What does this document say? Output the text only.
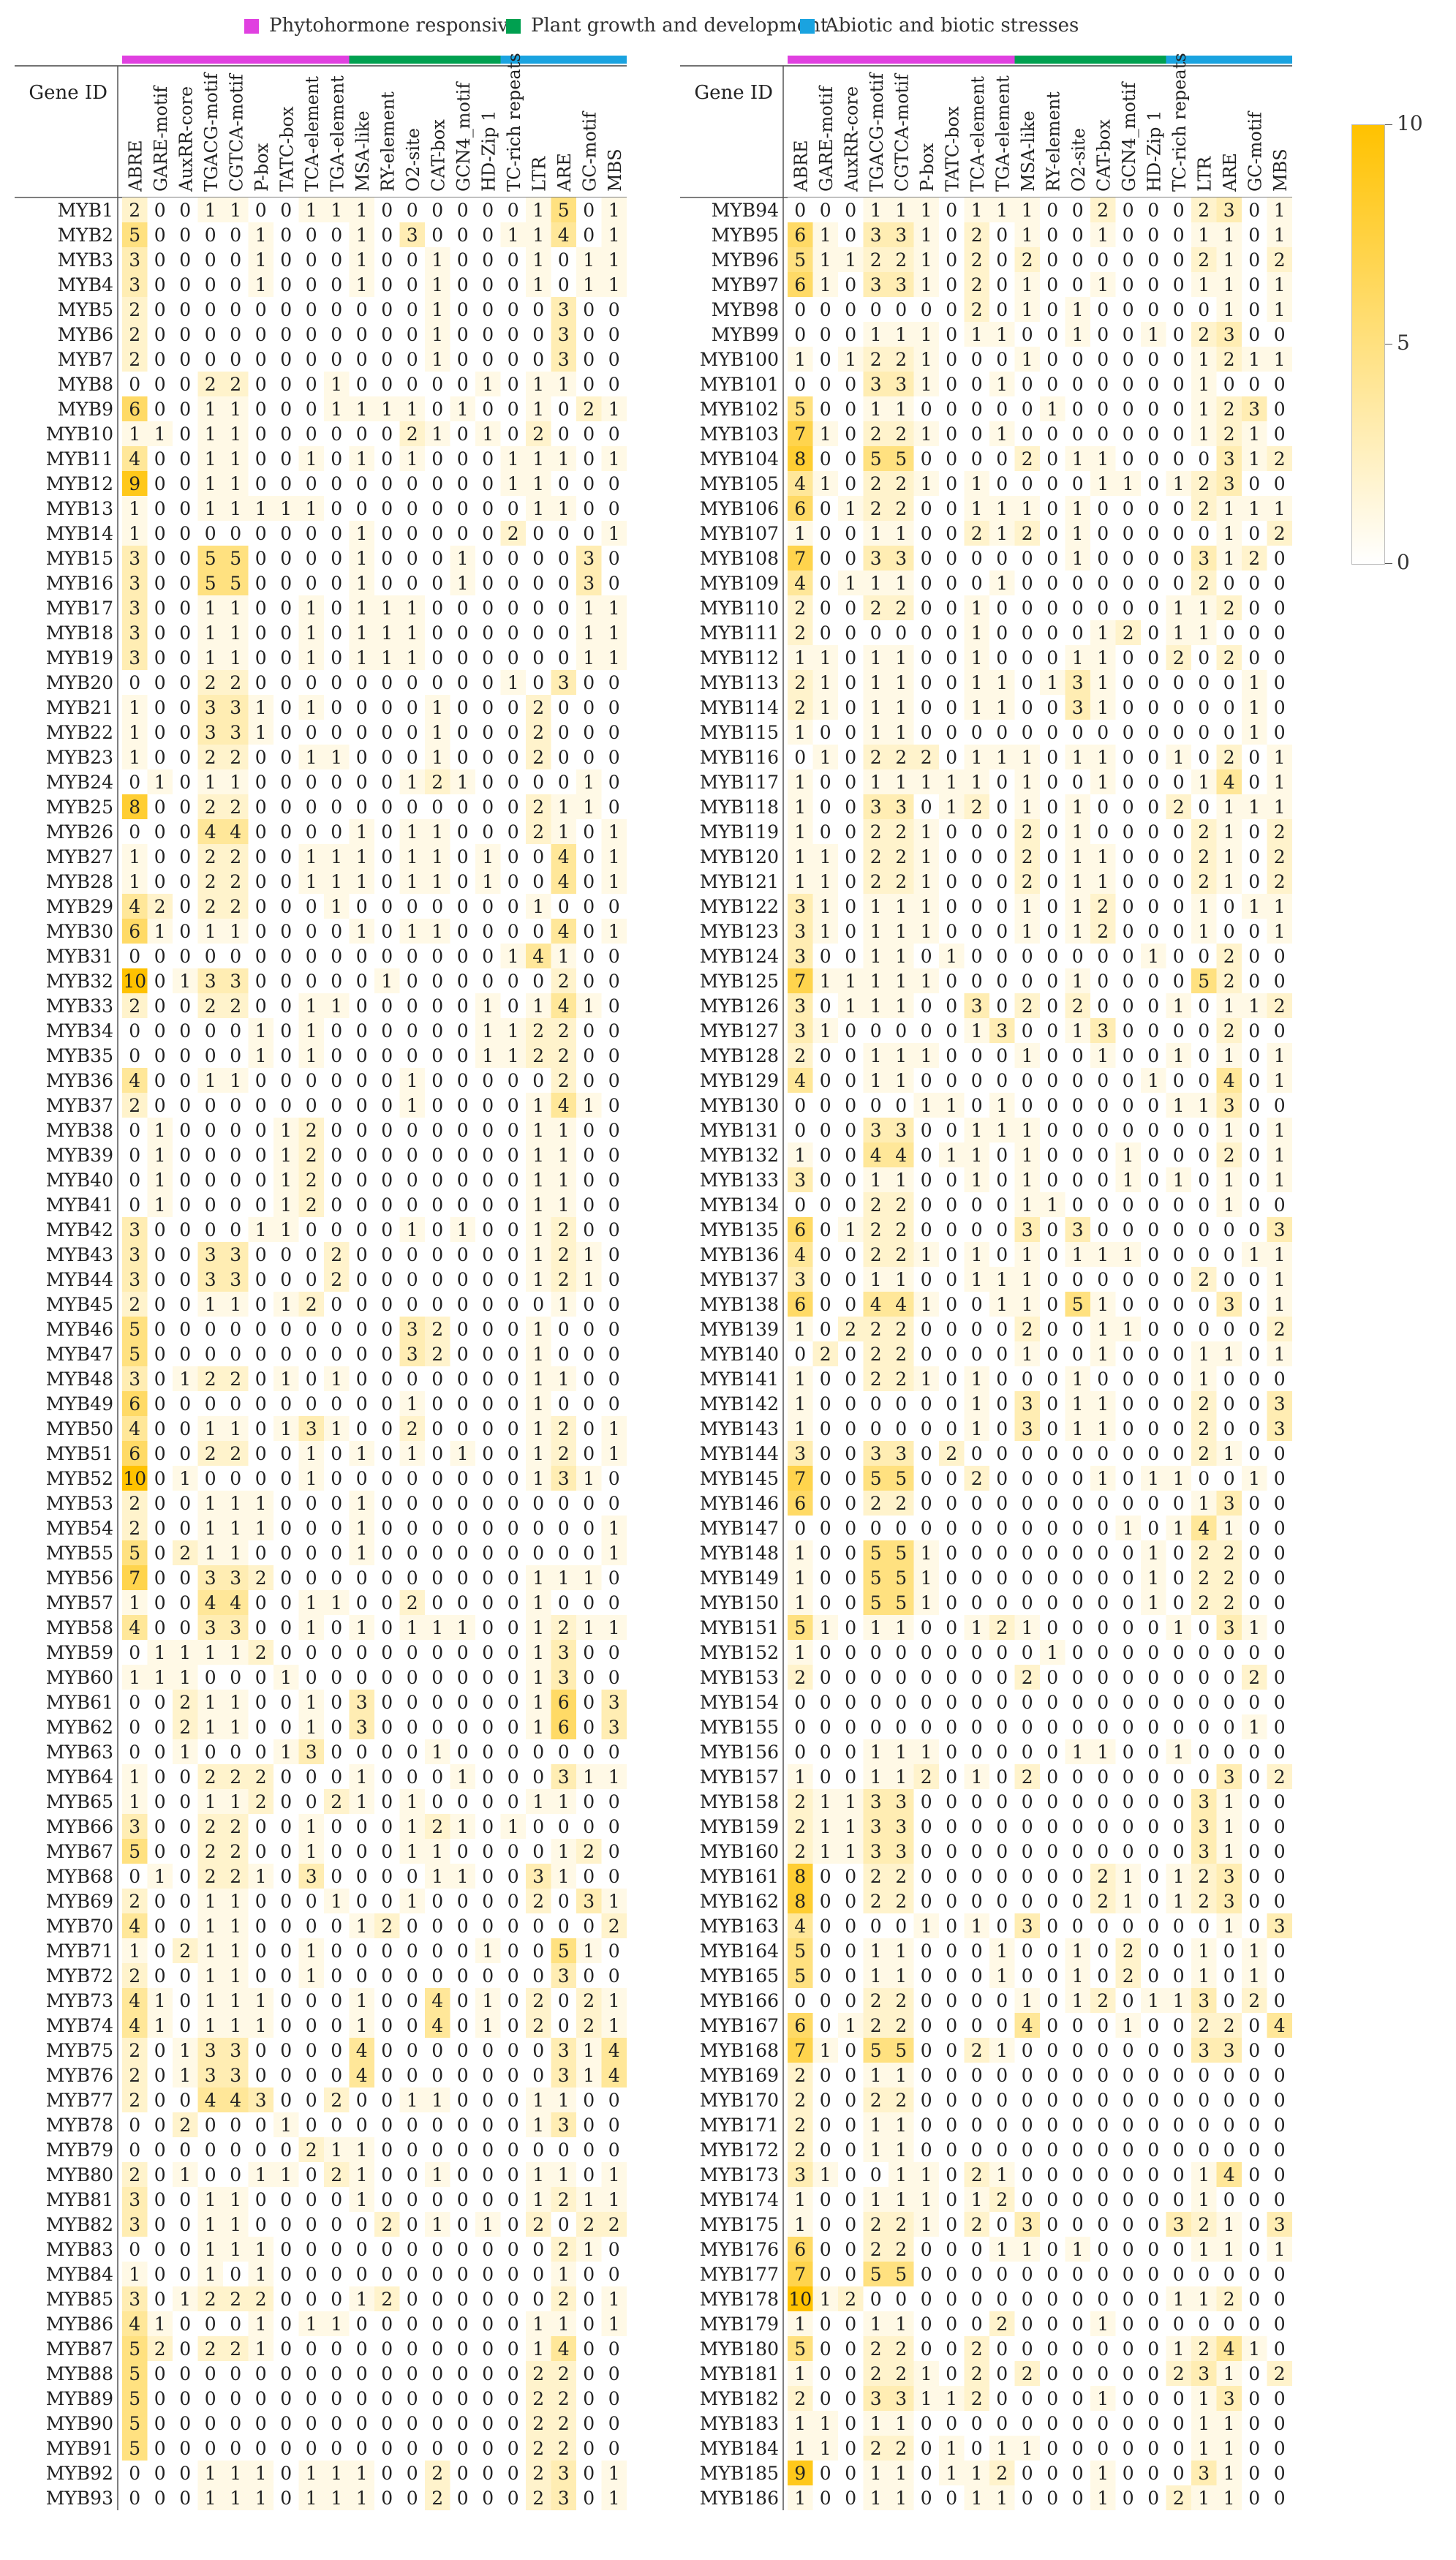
Phytohormone responsive Plant growth and development
Abiotic and biotic stresses
Gene ID
ABRE GARE-motif AuxRR-core TGACG-motif CGTCA-motif P-box TATC-box TCA-element TGA-element MSA-like RY-element O2-site CAT-box GCN4_motif HD-Zip 1 TC-rich repeats LTR ARE GC-motif MBS
MYB1 2 0 0 1 1 0 0 1 1 1 0 0 0 0 0 0 1 5 0 1
MYB2 5 0 0 0 0 1 0 0 0 1 0 3 0 0 0 1 1 4 0 1
MYB3 3 0 0 0 0 1 0 0 0 1 0 0 1 0 0 0 1 0 1 1
MYB4 3 0 0 0 0 1 0 0 0 1 0 0 1 0 0 0 1 0 1 1
MYB5 2 0 0 0 0 0 0 0 0 0 0 0 1 0 0 0 0 3 0 0
MYB6 2 0 0 0 0 0 0 0 0 0 0 0 1 0 0 0 0 3 0 0
MYB7 2 0 0 0 0 0 0 0 0 0 0 0 1 0 0 0 0 3 0 0
MYB8 0 0 0 2 2 0 0 0 1 0 0 0 0 0 1 0 1 1 0 0
MYB9 6 0 0 1 1 0 0 0 1 1 1 1 0 1 0 0 1 0 2 1
MYB10 1 1 0 1 1 0 0 0 0 0 0 2 1 0 1 0 2 0 0 0
MYB11 4 0 0 1 1 0 0 1 0 1 0 1 0 0 0 1 1 1 0 1
MYB12 9 0 0 1 1 0 0 0 0 0 0 0 0 0 0 1 1 0 0 0
MYB13 1 0 0 1 1 1 1 1 0 0 0 0 0 0 0 0 1 1 0 0
MYB14 1 0 0 0 0 0 0 0 0 1 0 0 0 0 0 2 0 0 0 1
MYB15 3 0 0 5 5 0 0 0 0 1 0 0 0 1 0 0 0 0 3 0
MYB16 3 0 0 5 5 0 0 0 0 1 0 0 0 1 0 0 0 0 3 0
MYB17 3 0 0 1 1 0 0 1 0 1 1 1 0 0 0 0 0 0 1 1
MYB18 3 0 0 1 1 0 0 1 0 1 1 1 0 0 0 0 0 0 1 1
MYB19 3 0 0 1 1 0 0 1 0 1 1 1 0 0 0 0 0 0 1 1
MYB20 0 0 0 2 2 0 0 0 0 0 0 0 0 0 0 1 0 3 0 0
MYB21 1 0 0 3 3 1 0 1 0 0 0 0 1 0 0 0 2 0 0 0
MYB22 1 0 0 3 3 1 0 0 0 0 0 0 1 0 0 0 2 0 0 0
MYB23 1 0 0 2 2 0 0 1 1 0 0 0 1 0 0 0 2 0 0 0
MYB24 0 1 0 1 1 0 0 0 0 0 0 1 2 1 0 0 0 0 1 0
MYB25 8 0 0 2 2 0 0 0 0 0 0 0 0 0 0 0 2 1 1 0
MYB26 0 0 0 4 4 0 0 0 0 1 0 1 1 0 0 0 2 1 0 1
MYB27 1 0 0 2 2 0 0 1 1 1 0 1 1 0 1 0 0 4 0 1
MYB28 1 0 0 2 2 0 0 1 1 1 0 1 1 0 1 0 0 4 0 1
MYB29 4 2 0 2 2 0 0 0 1 0 0 0 0 0 0 0 1 0 0 0
MYB30 6 1 0 1 1 0 0 0 0 1 0 1 1 0 0 0 0 4 0 1
MYB31 0 0 0 0 0 0 0 0 0 0 0 0 0 0 0 1 4 1 0 0
MYB32 10 0 1 3 3 0 0 0 0 0 1 0 0 0 0 0 0 2 0 0
MYB33 2 0 0 2 2 0 0 1 1 0 0 0 0 0 1 0 1 4 1 0
MYB34 0 0 0 0 0 1 0 1 0 0 0 0 0 0 1 1 2 2 0 0
MYB35 0 0 0 0 0 1 0 1 0 0 0 0 0 0 1 1 2 2 0 0
MYB36 4 0 0 1 1 0 0 0 0 0 0 1 0 0 0 0 0 2 0 0
MYB37 2 0 0 0 0 0 0 0 0 0 0 1 0 0 0 0 1 4 1 0
MYB38 0 1 0 0 0 0 1 2 0 0 0 0 0 0 0 0 1 1 0 0
MYB39 0 1 0 0 0 0 1 2 0 0 0 0 0 0 0 0 1 1 0 0
MYB40 0 1 0 0 0 0 1 2 0 0 0 0 0 0 0 0 1 1 0 0
MYB41 0 1 0 0 0 0 1 2 0 0 0 0 0 0 0 0 1 1 0 0
MYB42 3 0 0 0 0 1 1 0 0 0 0 1 0 1 0 0 1 2 0 0
MYB43 3 0 0 3 3 0 0 0 2 0 0 0 0 0 0 0 1 2 1 0
MYB44 3 0 0 3 3 0 0 0 2 0 0 0 0 0 0 0 1 2 1 0
MYB45 2 0 0 1 1 0 1 2 0 0 0 0 0 0 0 0 0 1 0 0
MYB46 5 0 0 0 0 0 0 0 0 0 0 3 2 0 0 0 1 0 0 0
MYB47 5 0 0 0 0 0 0 0 0 0 0 3 2 0 0 0 1 0 0 0
MYB48 3 0 1 2 2 0 1 0 1 0 0 0 0 0 0 0 1 1 0 0
MYB49 6 0 0 0 0 0 0 0 0 0 0 1 0 0 0 0 1 0 0 0
MYB50 4 0 0 1 1 0 1 3 1 0 0 2 0 0 0 0 1 2 0 1
MYB51 6 0 0 2 2 0 0 1 0 1 0 1 0 1 0 0 1 2 0 1
MYB52 10 0 1 0 0 0 0 1 0 0 0 0 0 0 0 0 1 3 1 0
MYB53 2 0 0 1 1 1 0 0 0 1 0 0 0 0 0 0 0 0 0 0
MYB54 2 0 0 1 1 1 0 0 0 1 0 0 0 0 0 0 0 0 0 1
MYB55 5 0 2 1 1 0 0 0 0 1 0 0 0 0 0 0 0 0 0 1
MYB56 7 0 0 3 3 2 0 0 0 0 0 0 0 0 0 0 1 1 1 0
MYB57 1 0 0 4 4 0 0 1 1 0 0 2 0 0 0 0 1 0 0 0
MYB58 4 0 0 3 3 0 0 1 0 1 0 1 1 1 0 0 1 2 1 1
MYB59 0 1 1 1 1 2 0 0 0 0 0 0 0 0 0 0 1 3 0 0
MYB60 1 1 1 0 0 0 1 0 0 0 0 0 0 0 0 0 1 3 0 0
MYB61 0 0 2 1 1 0 0 1 0 3 0 0 0 0 0 0 1 6 0 3
MYB62 0 0 2 1 1 0 0 1 0 3 0 0 0 0 0 0 1 6 0 3
MYB63 0 0 1 0 0 0 1 3 0 0 0 0 1 0 0 0 0 0 0 0
MYB64 1 0 0 2 2 2 0 0 0 1 0 0 0 1 0 0 0 3 1 1
MYB65 1 0 0 1 1 2 0 0 2 1 0 1 0 0 0 0 1 1 0 0
MYB66 3 0 0 2 2 0 0 1 0 0 0 1 2 1 0 1 0 0 0 0
MYB67 5 0 0 2 2 0 0 1 0 0 0 1 1 0 0 0 0 1 2 0
MYB68 0 1 0 2 2 1 0 3 0 0 0 0 1 1 0 0 3 1 0 0
MYB69 2 0 0 1 1 0 0 0 1 0 0 1 0 0 0 0 2 0 3 1
MYB70 4 0 0 1 1 0 0 0 0 1 2 0 0 0 0 0 0 0 0 2
MYB71 1 0 2 1 1 0 0 1 0 0 0 0 0 0 1 0 0 5 1 0
MYB72 2 0 0 1 1 0 0 1 0 0 0 0 0 0 0 0 0 3 0 0
MYB73 4 1 0 1 1 1 0 0 0 1 0 0 4 0 1 0 2 0 2 1
MYB74 4 1 0 1 1 1 0 0 0 1 0 0 4 0 1 0 2 0 2 1
MYB75 2 0 1 3 3 0 0 0 0 4 0 0 0 0 0 0 0 3 1 4
MYB76 2 0 1 3 3 0 0 0 0 4 0 0 0 0 0 0 0 3 1 4
MYB77 2 0 0 4 4 3 0 0 2 0 0 1 1 0 0 0 1 1 0 0
MYB78 0 0 2 0 0 0 1 0 0 0 0 0 0 0 0 0 1 3 0 0
MYB79 0 0 0 0 0 0 0 2 1 1 0 0 0 0 0 0 0 0 0 0
MYB80 2 0 1 0 0 1 1 0 2 1 0 0 1 0 0 0 1 1 0 1
MYB81 3 0 0 1 1 0 0 0 0 1 0 0 0 0 0 0 1 2 1 1
MYB82 3 0 0 1 1 0 0 0 0 0 2 0 1 0 1 0 2 0 2 2
MYB83 0 0 0 1 1 1 0 0 0 0 0 0 0 0 0 0 0 2 1 0
MYB84 1 0 0 1 0 1 0 0 0 0 0 0 0 0 0 0 0 1 0 0
MYB85 3 0 1 2 2 2 0 0 0 1 2 0 0 0 0 0 0 2 0 1
MYB86 4 1 0 0 0 1 0 1 1 0 0 0 0 0 0 0 1 1 0 1
MYB87 5 2 0 2 2 1 0 0 0 0 0 0 0 0 0 0 1 4 0 0
MYB88 5 0 0 0 0 0 0 0 0 0 0 0 0 0 0 0 2 2 0 0
MYB89 5 0 0 0 0 0 0 0 0 0 0 0 0 0 0 0 2 2 0 0
MYB90 5 0 0 0 0 0 0 0 0 0 0 0 0 0 0 0 2 2 0 0
MYB91 5 0 0 0 0 0 0 0 0 0 0 0 0 0 0 0 2 2 0 0
MYB92 0 0 0 1 1 1 0 1 1 1 0 0 2 0 0 0 2 3 0 1
MYB93 0 0 0 1 1 1 0 1 1 1 0 0 2 0 0 0 2 3 0 1
Gene ID
ABRE GARE-motif AuxRR-core TGACG-motif CGTCA-motif P-box TATC-box TCA-element TGA-element MSA-like RY-element O2-site CAT-box GCN4_motif HD-Zip 1 TC-rich repeats LTR ARE GC-motif MBS
MYB94 0 0 0 1 1 1 0 1 1 1 0 0 2 0 0 0 2 3 0 1
MYB95 6 1 0 3 3 1 0 2 0 1 0 0 1 0 0 0 1 1 0 1
MYB96 5 1 1 2 2 1 0 2 0 2 0 0 0 0 0 0 2 1 0 2
MYB97 6 1 0 3 3 1 0 2 0 1 0 0 1 0 0 0 1 1 0 1
MYB98 0 0 0 0 0 0 0 2 0 1 0 1 0 0 0 0 0 1 0 1
MYB99 0 0 0 1 1 1 0 1 1 0 0 1 0 0 1 0 2 3 0 0
MYB100 1 0 1 2 2 1 0 0 0 1 0 0 0 0 0 0 1 2 1 1
MYB101 0 0 0 3 3 1 0 0 1 0 0 0 0 0 0 0 1 0 0 0
MYB102 5 0 0 1 1 0 0 0 0 0 1 0 0 0 0 0 1 2 3 0
MYB103 7 1 0 2 2 1 0 0 1 0 0 0 0 0 0 0 1 2 1 0
MYB104 8 0 0 5 5 0 0 0 0 2 0 1 1 0 0 0 0 3 1 2
MYB105 4 1 0 2 2 1 0 1 0 0 0 0 1 1 0 1 2 3 0 0
MYB106 6 0 1 2 2 0 0 1 1 1 0 1 0 0 0 0 2 1 1 1
MYB107 1 0 0 1 1 0 0 2 1 2 0 1 0 0 0 0 0 1 0 2
MYB108 7 0 0 3 3 0 0 0 0 0 0 1 0 0 0 0 3 1 2 0
MYB109 4 0 1 1 1 0 0 0 1 0 0 0 0 0 0 0 2 0 0 0
MYB110 2 0 0 2 2 0 0 1 0 0 0 0 0 0 0 1 1 2 0 0
MYB111 2 0 0 0 0 0 0 1 0 0 0 0 1 2 0 1 1 0 0 0
MYB112 1 1 0 1 1 0 0 1 0 0 0 1 1 0 0 2 0 2 0 0
MYB113 2 1 0 1 1 0 0 1 1 0 1 3 1 0 0 0 0 0 1 0
MYB114 2 1 0 1 1 0 0 1 1 0 0 3 1 0 0 0 0 0 1 0
MYB115 1 0 0 1 1 0 0 0 0 0 0 0 0 0 0 0 0 0 1 0
MYB116 0 1 0 2 2 2 0 1 1 1 0 1 1 0 0 1 0 2 0 1
MYB117 1 0 0 1 1 1 1 1 0 1 0 0 1 0 0 0 1 4 0 1
MYB118 1 0 0 3 3 0 1 2 0 1 0 1 0 0 0 2 0 1 1 1
MYB119 1 0 0 2 2 1 0 0 0 2 0 1 0 0 0 0 2 1 0 2
MYB120 1 1 0 2 2 1 0 0 0 2 0 1 1 0 0 0 2 1 0 2
MYB121 1 1 0 2 2 1 0 0 0 2 0 1 1 0 0 0 2 1 0 2
MYB122 3 1 0 1 1 1 0 0 0 1 0 1 2 0 0 0 1 0 1 1
MYB123 3 1 0 1 1 1 0 0 0 1 0 1 2 0 0 0 1 0 0 1
MYB124 3 0 0 1 1 0 1 0 0 0 0 0 0 0 1 0 0 2 0 0
MYB125 7 1 1 1 1 1 0 0 0 0 0 1 0 0 0 0 5 2 0 0
MYB126 3 0 1 1 1 0 0 3 0 2 0 2 0 0 0 1 0 1 1 2
MYB127 3 1 0 0 0 0 0 1 3 0 0 1 3 0 0 0 0 2 0 0
MYB128 2 0 0 1 1 1 0 0 0 1 0 0 1 0 0 1 0 1 0 1
MYB129 4 0 0 1 1 0 0 0 0 0 0 0 0 0 1 0 0 4 0 1
MYB130 0 0 0 0 0 1 1 0 1 0 0 0 0 0 0 1 1 3 0 0
MYB131 0 0 0 3 3 0 0 1 1 1 0 0 0 0 0 0 0 1 0 1
MYB132 1 0 0 4 4 0 1 1 0 1 0 0 0 1 0 0 0 2 0 1
MYB133 3 0 0 1 1 0 0 1 0 1 0 0 0 1 0 1 0 1 0 1
MYB134 0 0 0 2 2 0 0 0 0 1 1 0 0 0 0 0 0 1 0 0
MYB135 6 0 1 2 2 0 0 0 0 3 0 3 0 0 0 0 0 0 0 3
MYB136 4 0 0 2 2 1 0 1 0 1 0 1 1 1 0 0 0 0 1 1
MYB137 3 0 0 1 1 0 0 1 1 1 0 0 0 0 0 0 2 0 0 1
MYB138 6 0 0 4 4 1 0 0 1 1 0 5 1 0 0 0 0 3 0 1
MYB139 1 0 2 2 2 0 0 0 0 2 0 0 1 1 0 0 0 0 0 2
MYB140 0 2 0 2 2 0 0 0 0 1 0 0 1 0 0 0 1 1 0 1
MYB141 1 0 0 2 2 1 0 1 0 0 0 1 0 0 0 0 1 0 0 0
MYB142 1 0 0 0 0 0 0 1 0 3 0 1 1 0 0 0 2 0 0 3
MYB143 1 0 0 0 0 0 0 1 0 3 0 1 1 0 0 0 2 0 0 3
MYB144 3 0 0 3 3 0 2 0 0 0 0 0 0 0 0 0 2 1 0 0
MYB145 7 0 0 5 5 0 0 2 0 0 0 0 1 0 1 1 0 0 1 0
MYB146 6 0 0 2 2 0 0 0 0 0 0 0 0 0 0 0 1 3 0 0
MYB147 0 0 0 0 0 0 0 0 0 0 0 0 0 1 0 1 4 1 0 0
MYB148 1 0 0 5 5 1 0 0 0 0 0 0 0 0 1 0 2 2 0 0
MYB149 1 0 0 5 5 1 0 0 0 0 0 0 0 0 1 0 2 2 0 0
MYB150 1 0 0 5 5 1 0 0 0 0 0 0 0 0 1 0 2 2 0 0
MYB151 5 1 0 1 1 0 0 1 2 1 0 0 0 0 0 1 0 3 1 0
MYB152 1 0 0 0 0 0 0 0 0 0 1 0 0 0 0 0 0 0 0 0
MYB153 2 0 0 0 0 0 0 0 0 2 0 0 0 0 0 0 0 0 2 0
MYB154 0 0 0 0 0 0 0 0 0 0 0 0 0 0 0 0 0 0 0 0
MYB155 0 0 0 0 0 0 0 0 0 0 0 0 0 0 0 0 0 0 1 0
MYB156 0 0 0 1 1 1 0 0 0 0 0 1 1 0 0 1 0 0 0 0
MYB157 1 0 0 1 1 2 0 1 0 2 0 0 0 0 0 0 0 3 0 2
MYB158 2 1 1 3 3 0 0 0 0 0 0 0 0 0 0 0 3 1 0 0
MYB159 2 1 1 3 3 0 0 0 0 0 0 0 0 0 0 0 3 1 0 0
MYB160 2 1 1 3 3 0 0 0 0 0 0 0 0 0 0 0 3 1 0 0
MYB161 8 0 0 2 2 0 0 0 0 0 0 0 2 1 0 1 2 3 0 0
MYB162 8 0 0 2 2 0 0 0 0 0 0 0 2 1 0 1 2 3 0 0
MYB163 4 0 0 0 0 1 0 1 0 3 0 0 0 0 0 0 0 1 0 3
MYB164 5 0 0 1 1 0 0 0 1 0 0 1 0 2 0 0 1 0 1 0
MYB165 5 0 0 1 1 0 0 0 1 0 0 1 0 2 0 0 1 0 1 0
MYB166 0 0 0 2 2 0 0 0 0 1 0 1 2 0 1 1 3 0 2 0
MYB167 6 0 1 2 2 0 0 0 0 4 0 0 0 1 0 0 2 2 0 4
MYB168 7 1 0 5 5 0 0 2 1 0 0 0 0 0 0 0 3 3 0 0
MYB169 2 0 0 1 1 0 0 0 0 0 0 0 0 0 0 0 0 0 0 0
MYB170 2 0 0 2 2 0 0 0 0 0 0 0 0 0 0 0 0 0 0 0
MYB171 2 0 0 1 1 0 0 0 0 0 0 0 0 0 0 0 0 0 0 0
MYB172 2 0 0 1 1 0 0 0 0 0 0 0 0 0 0 0 0 0 0 0
MYB173 3 1 0 0 1 1 0 2 1 0 0 0 0 0 0 0 1 4 0 0
MYB174 1 0 0 1 1 1 0 1 2 0 0 0 0 0 0 0 1 0 0 0
MYB175 1 0 0 2 2 1 0 2 0 3 0 0 0 0 0 3 2 1 0 3
MYB176 6 0 0 2 2 0 0 0 1 1 0 1 0 0 0 0 1 1 0 1
MYB177 7 0 0 5 5 0 0 0 0 0 0 0 0 0 0 0 0 0 0 0
MYB178 10 1 2 0 0 0 0 0 0 0 0 0 0 0 0 1 1 2 0 0
MYB179 1 0 0 1 1 0 0 0 2 0 0 0 1 0 0 0 0 0 0 0
MYB180 5 0 0 2 2 0 0 2 0 0 0 0 0 0 0 1 2 4 1 0
MYB181 1 0 0 2 2 1 0 2 0 2 0 0 0 0 0 2 3 1 0 2
MYB182 2 0 0 3 3 1 1 2 0 0 0 0 1 0 0 0 1 3 0 0
MYB183 1 1 0 1 1 0 0 0 0 0 0 0 0 0 0 0 1 1 0 0
MYB184 1 1 0 2 2 0 1 0 1 1 0 0 0 0 0 0 1 1 0 0
MYB185 9 0 0 1 1 0 1 1 2 0 0 0 1 0 0 0 3 1 0 0
MYB186 1 0 0 1 1 0 0 1 1 0 0 0 1 0 0 2 1 1 0 0
0
5
10
